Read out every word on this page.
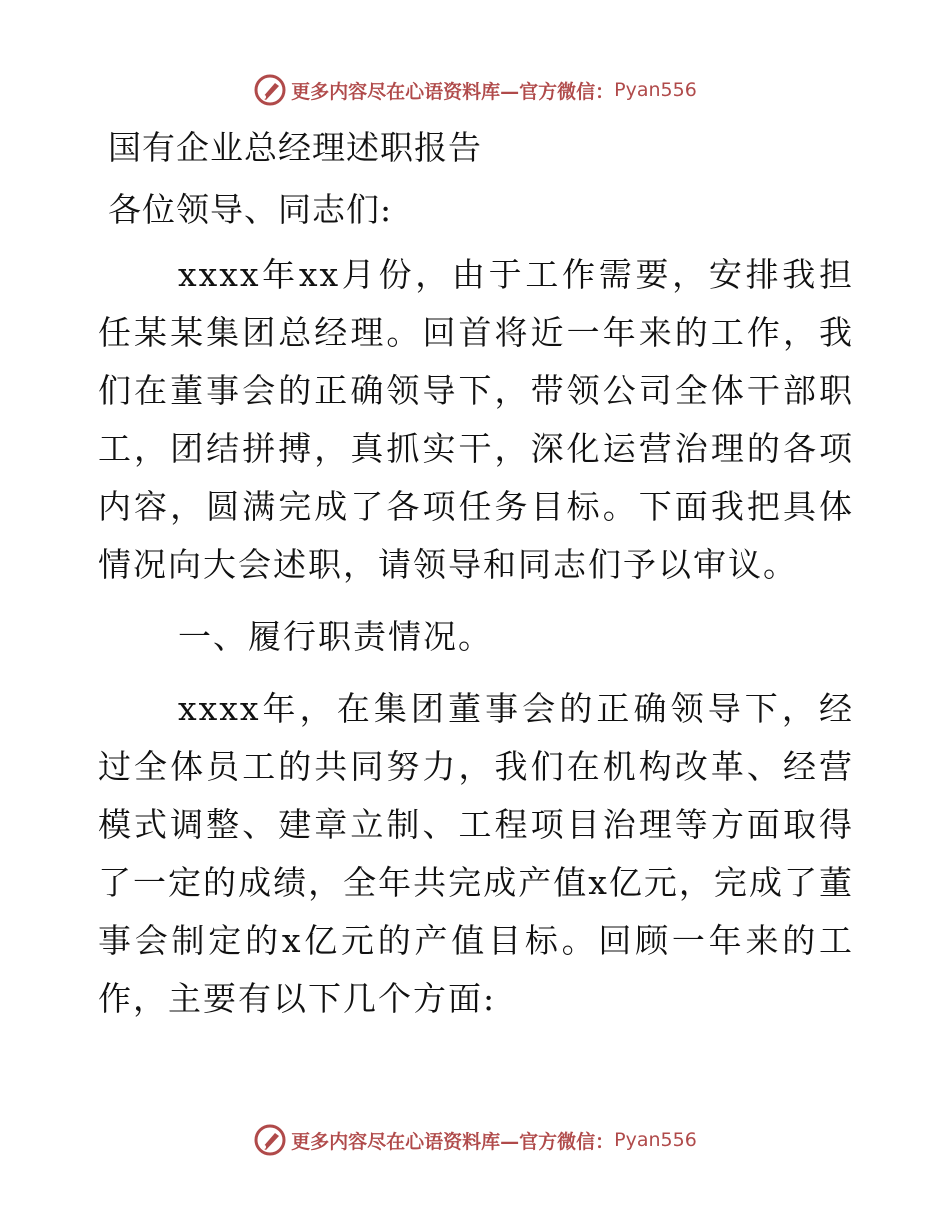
更多内容尽在心语资料库—官方微信： Pyan556
国有企业总经理述职报告
各位领导、同志们:
xxxx年xx月份，由于工作需要，安排我担任某某集团总经理。回首将近一年来的工作，我们在董事会的正确领导下，带领公司全体干部职工，团结拼搏，真抓实干，深化运营治理的各项内容，圆满完成了各项任务目标。下面我把具体情况向大会述职，请领导和同志们予以审议。
一、履行职责情况。
xxxx年，在集团董事会的正确领导下，经过全体员工的共同努力，我们在机构改革、经营模式调整、建章立制、工程项目治理等方面取得了一定的成绩，全年共完成产值x亿元，完成了董事会制定的x亿元的产值目标。回顾一年来的工作，主要有以下几个方面:
更多内容尽在心语资料库—官方微信： Pyan556
